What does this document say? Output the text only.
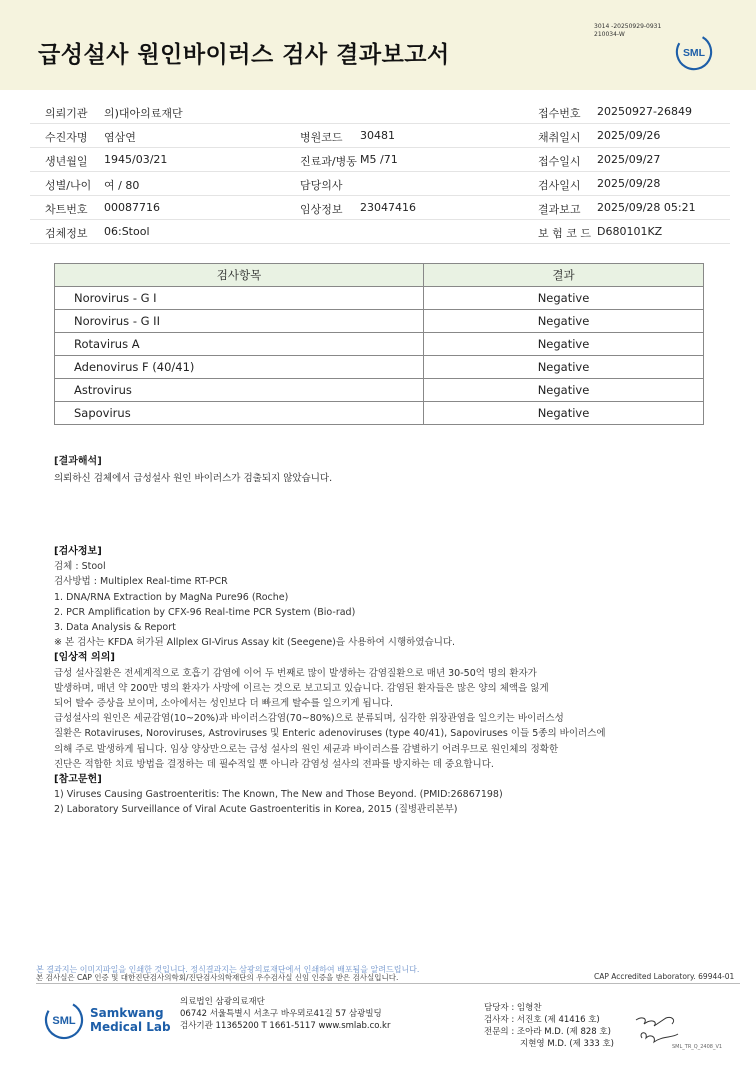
급성설사 원인바이러스 검사 결과보고서
3014 -20250929-0931
210034-W
SML
의뢰기관 의)대아의료재단	접수번호 20250927-26849
수진자명 염삼연	병원코드 30481	채취일시 2025/09/26
생년월일 1945/03/21	진료과/병동 M5 /71	접수일시 2025/09/27
성별/나이 여 / 80	담당의사	검사일시 2025/09/28
차트번호 00087716	임상정보 23047416	결과보고 2025/09/28 05:21
검체정보 06:Stool	보 험 코 드 D680101KZ
검사항목	결과
Norovirus - G I	Negative
Norovirus - G II	Negative
Rotavirus A	Negative
Adenovirus F (40/41)	Negative
Astrovirus	Negative
Sapovirus	Negative
[결과해석]
의뢰하신 검체에서 급성설사 원인 바이러스가 검출되지 않았습니다.
[검사정보]
검체 : Stool
검사방법 : Multiplex Real-time RT-PCR
1. DNA/RNA Extraction by MagNa Pure96 (Roche)
2. PCR Amplification by CFX-96 Real-time PCR System (Bio-rad)
3. Data Analysis & Report
※ 본 검사는 KFDA 허가된 Allplex GI-Virus Assay kit (Seegene)을 사용하여 시행하였습니다.
[임상적 의의]
급성 설사질환은 전세계적으로 호흡기 감염에 이어 두 번째로 많이 발생하는 감염질환으로 매년 30-50억 명의 환자가
발생하며, 매년 약 200만 명의 환자가 사망에 이르는 것으로 보고되고 있습니다. 감염된 환자들은 많은 양의 체액을 잃게
되어 탈수 증상을 보이며, 소아에서는 성인보다 더 빠르게 탈수를 일으키게 됩니다.
급성설사의 원인은 세균감염(10~20%)과 바이러스감염(70~80%)으로 분류되며, 심각한 위장관염을 일으키는 바이러스성
질환은 Rotaviruses, Noroviruses, Astroviruses 및 Enteric adenoviruses (type 40/41), Sapoviruses 이들 5종의 바이러스에
의해 주로 발생하게 됩니다. 임상 양상만으로는 급성 설사의 원인 세균과 바이러스를 감별하기 어려우므로 원인체의 정확한
진단은 적합한 치료 방법을 결정하는 데 필수적일 뿐 아니라 감염성 설사의 전파를 방지하는 데 중요합니다.
[참고문헌]
1) Viruses Causing Gastroenteritis: The Known, The New and Those Beyond. (PMID:26867198)
2) Laboratory Surveillance of Viral Acute Gastroenteritis in Korea, 2015 (질병관리본부)
본 결과지는 이미지파일을 인쇄한 것입니다. 정식결과지는 삼광의료재단에서 인쇄하여 배포됨을 알려드립니다.
본 검사실은 CAP 인증 및 대한진단검사의학회/진단검사의학재단의 우수검사실 신임 인증을 받은 검사실입니다.	CAP Accredited Laboratory. 69944-01
SML
Samkwang
Medical Lab
의료법인 삼광의료재단
06742 서울특별시 서초구 바우뫼로41길 57 삼광빌딩
검사기관 11365200 T 1661-5117 www.smlab.co.kr
담당자 : 임형찬
검사자 : 서진호 (제 41416 호)
전문의 : 조아라 M.D. (제 828 호)
지현영 M.D. (제 333 호)	SML_TR_Q_2408_V1
